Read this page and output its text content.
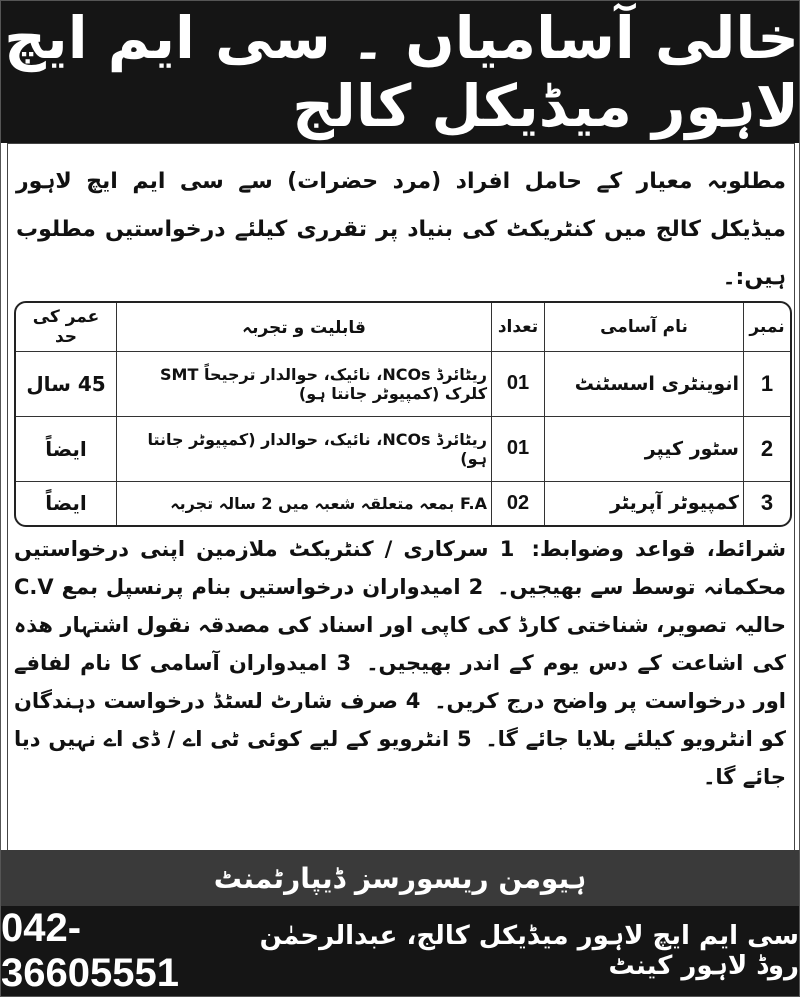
خالی آسامیاں ۔ سی ایم ایچ لاہور میڈیکل کالج
مطلوبہ معیار کے حامل افراد (مرد حضرات) سے سی ایم ایچ لاہور میڈیکل کالج میں کنٹریکٹ کی بنیاد پر تقرری کیلئے درخواستیں مطلوب ہیں:۔
نمبر	نام آسامی	تعداد	قابلیت و تجربہ	عمر کی حد
1	انوینٹری اسسٹنٹ	01	ریٹائرڈ NCOs، نائیک، حوالدار ترجیحاً SMT کلرک (کمپیوٹر جانتا ہو)	45 سال
2	سٹور کیپر	01	ریٹائرڈ NCOs، نائیک، حوالدار (کمپیوٹر جانتا ہو)	ایضاً
3	کمپیوٹر آپریٹر	02	F.A بمعہ متعلقہ شعبہ میں 2 سالہ تجربہ	ایضاً
شرائط، قواعد وضوابط: 1 سرکاری / کنٹریکٹ ملازمین اپنی درخواستیں محکمانہ توسط سے بھیجیں۔ 2 امیدواران درخواستیں بنام پرنسپل بمع C.V حالیہ تصویر، شناختی کارڈ کی کاپی اور اسناد کی مصدقہ نقول اشتہار ھذہ کی اشاعت کے دس یوم کے اندر بھیجیں۔ 3 امیدواران آسامی کا نام لفافے اور درخواست پر واضح درج کریں۔ 4 صرف شارٹ لسٹڈ درخواست دہندگان کو انٹرویو کیلئے بلایا جائے گا۔ 5 انٹرویو کے لیے کوئی ٹی اے / ڈی اے نہیں دیا جائے گا۔
ہیومن ریسورسز ڈیپارٹمنٹ
سی ایم ایچ لاہور میڈیکل کالج، عبدالرحمٰن روڈ لاہور کینٹ
042-36605551
